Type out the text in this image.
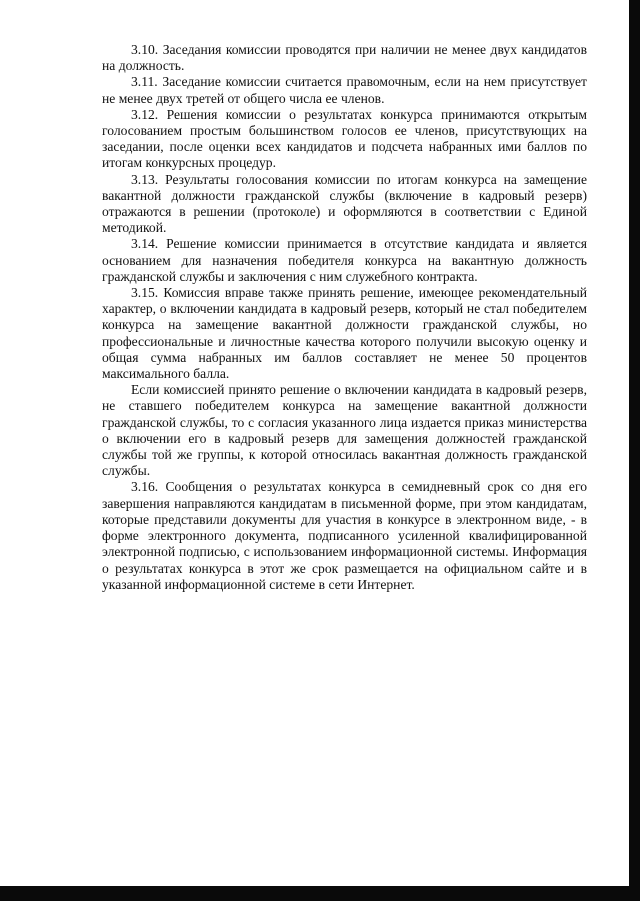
3.10. Заседания комиссии проводятся при наличии не менее двух кандидатов на должность.

3.11. Заседание комиссии считается правомочным, если на нем присутствует не менее двух третей от общего числа ее членов.

3.12. Решения комиссии о результатах конкурса принимаются открытым голосованием простым большинством голосов ее членов, присутствующих на заседании, после оценки всех кандидатов и подсчета набранных ими баллов по итогам конкурсных процедур.

3.13. Результаты голосования комиссии по итогам конкурса на замещение вакантной должности гражданской службы (включение в кадровый резерв) отражаются в решении (протоколе) и оформляются в соответствии с Единой методикой.

3.14. Решение комиссии принимается в отсутствие кандидата и является основанием для назначения победителя конкурса на вакантную должность гражданской службы и заключения с ним служебного контракта.

3.15. Комиссия вправе также принять решение, имеющее рекомендательный характер, о включении кандидата в кадровый резерв, который не стал победителем конкурса на замещение вакантной должности гражданской службы, но профессиональные и личностные качества которого получили высокую оценку и общая сумма набранных им баллов составляет не менее 50 процентов максимального балла.

Если комиссией принято решение о включении кандидата в кадровый резерв, не ставшего победителем конкурса на замещение вакантной должности гражданской службы, то с согласия указанного лица издается приказ министерства о включении его в кадровый резерв для замещения должностей гражданской службы той же группы, к которой относилась вакантная должность гражданской службы.

3.16. Сообщения о результатах конкурса в семидневный срок со дня его завершения направляются кандидатам в письменной форме, при этом кандидатам, которые представили документы для участия в конкурсе в электронном виде, - в форме электронного документа, подписанного усиленной квалифицированной электронной подписью, с использованием информационной системы. Информация о результатах конкурса в этот же срок размещается на официальном сайте и в указанной информационной системе в сети Интернет.
